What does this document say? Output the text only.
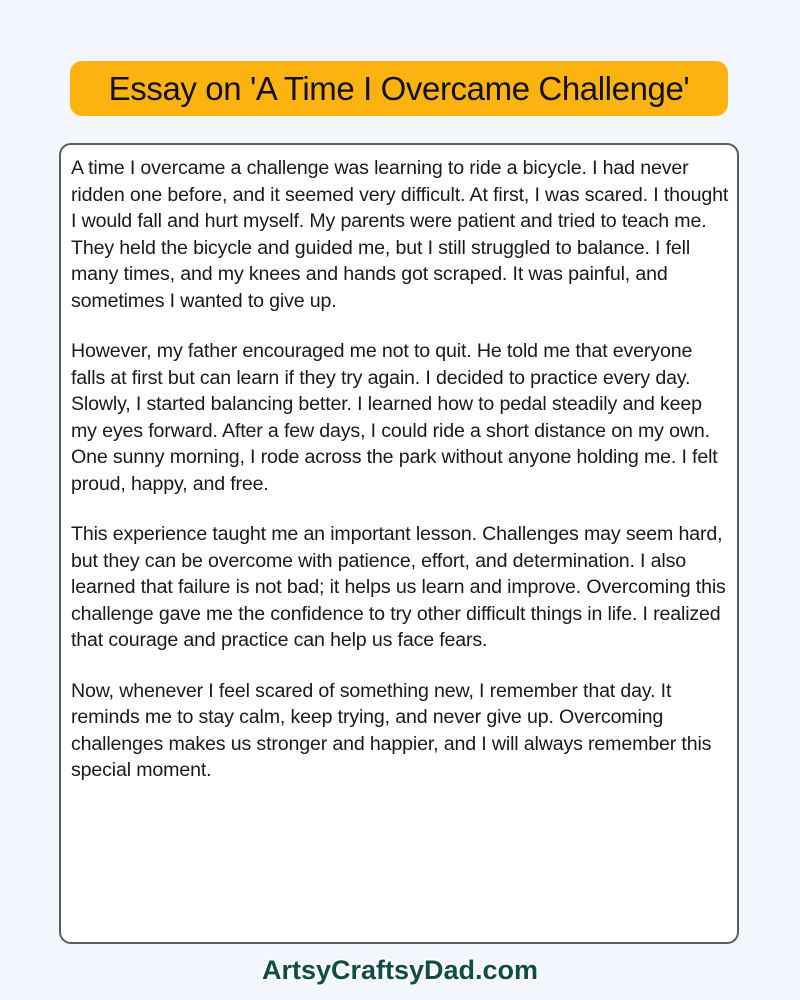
Essay on 'A Time I Overcame Challenge'

A time I overcame a challenge was learning to ride a bicycle. I had never ridden one before, and it seemed very difficult. At first, I was scared. I thought I would fall and hurt myself. My parents were patient and tried to teach me. They held the bicycle and guided me, but I still struggled to balance. I fell many times, and my knees and hands got scraped. It was painful, and sometimes I wanted to give up.

However, my father encouraged me not to quit. He told me that everyone falls at first but can learn if they try again. I decided to practice every day. Slowly, I started balancing better. I learned how to pedal steadily and keep my eyes forward. After a few days, I could ride a short distance on my own. One sunny morning, I rode across the park without anyone holding me. I felt proud, happy, and free.

This experience taught me an important lesson. Challenges may seem hard, but they can be overcome with patience, effort, and determination. I also learned that failure is not bad; it helps us learn and improve. Overcoming this challenge gave me the confidence to try other difficult things in life. I realized that courage and practice can help us face fears.

Now, whenever I feel scared of something new, I remember that day. It reminds me to stay calm, keep trying, and never give up. Overcoming challenges makes us stronger and happier, and I will always remember this special moment.

ArtsyCraftsyDad.com
